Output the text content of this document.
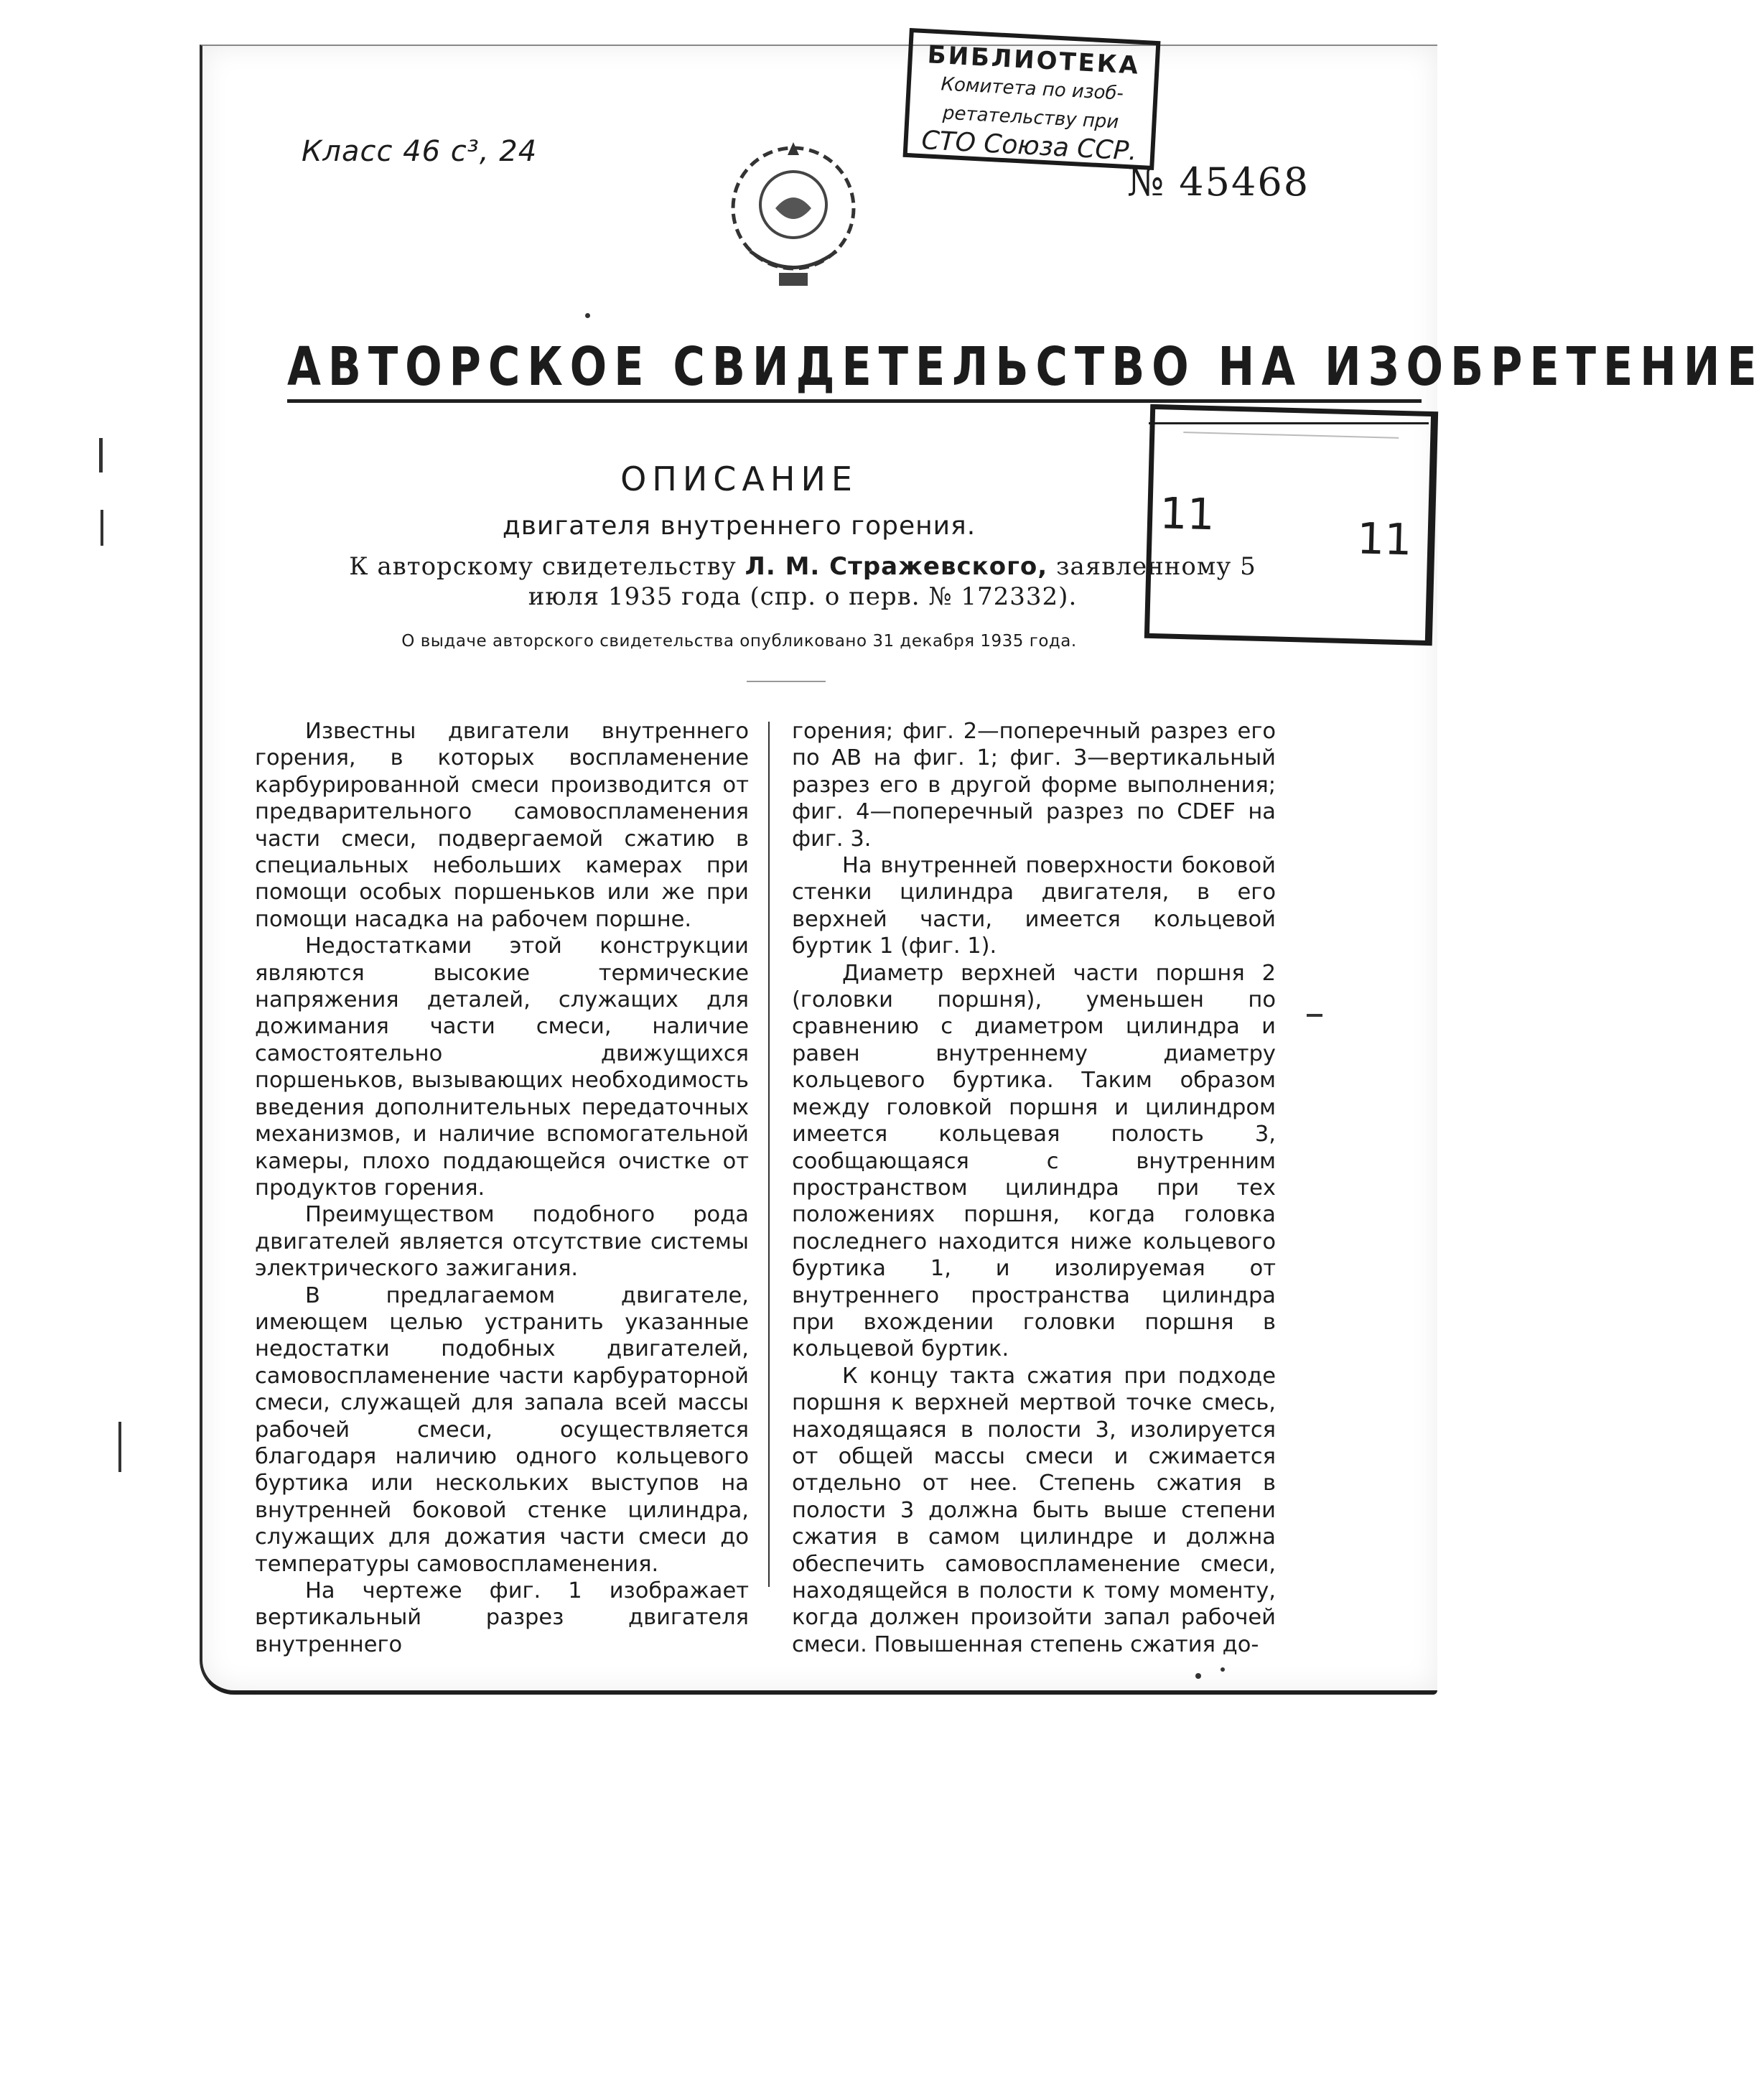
Класс 46 с³, 24
БИБЛИОТЕКА
Комитета по изоб-
ретательству при
СТО Союза ССР.
№ 45468
АВТОРСКОЕ СВИДЕТЕЛЬСТВО НА ИЗОБРЕТЕНИЕ
11	11
ОПИСАНИЕ
двигателя внутреннего горения.
К авторскому свидетельству Л. М. Стражевского, заявленному 5 июля 1935 года (спр. о перв. № 172332).
О выдаче авторского свидетельства опубликовано 31 декабря 1935 года.

Известны двигатели внутреннего горения, в которых воспламенение карбурированной смеси производится от предварительного самовоспламенения части смеси, подвергаемой сжатию в специальных небольших камерах при помощи особых поршеньков или же при помощи насадка на рабочем поршне.

Недостатками этой конструкции являются высокие термические напряжения деталей, служащих для дожимания части смеси, наличие самостоятельно движущихся поршеньков, вызывающих необходимость введения дополнительных передаточных механизмов, и наличие вспомогательной камеры, плохо поддающейся очистке от продуктов горения.

Преимуществом подобного рода двигателей является отсутствие системы электрического зажигания.

В предлагаемом двигателе, имеющем целью устранить указанные недостатки подобных двигателей, самовоспламенение части карбураторной смеси, служащей для запала всей массы рабочей смеси, осуществляется благодаря наличию одного кольцевого буртика или нескольких выступов на внутренней боковой стенке цилиндра, служащих для дожатия части смеси до температуры самовоспламенения.

На чертеже фиг. 1 изображает вертикальный разрез двигателя внутреннего

горения; фиг. 2—поперечный разрез его по АВ на фиг. 1; фиг. 3—вертикальный разрез его в другой форме выполнения; фиг. 4—поперечный разрез по CDEF на фиг. 3.

На внутренней поверхности боковой стенки цилиндра двигателя, в его верхней части, имеется кольцевой буртик 1 (фиг. 1).

Диаметр верхней части поршня 2 (головки поршня), уменьшен по сравнению с диаметром цилиндра и равен внутреннему диаметру кольцевого буртика. Таким образом между головкой поршня и цилиндром имеется кольцевая полость 3, сообщающаяся с внутренним пространством цилиндра при тех положениях поршня, когда головка последнего находится ниже кольцевого буртика 1, и изолируемая от внутреннего пространства цилиндра при вхождении головки поршня в кольцевой буртик.

К концу такта сжатия при подходе поршня к верхней мертвой точке смесь, находящаяся в полости 3, изолируется от общей массы смеси и сжимается отдельно от нее. Степень сжатия в полости 3 должна быть выше степени сжатия в самом цилиндре и должна обеспечить самовоспламенение смеси, находящейся в полости к тому моменту, когда должен произойти запал рабочей смеси. Повышенная степень сжатия до-
